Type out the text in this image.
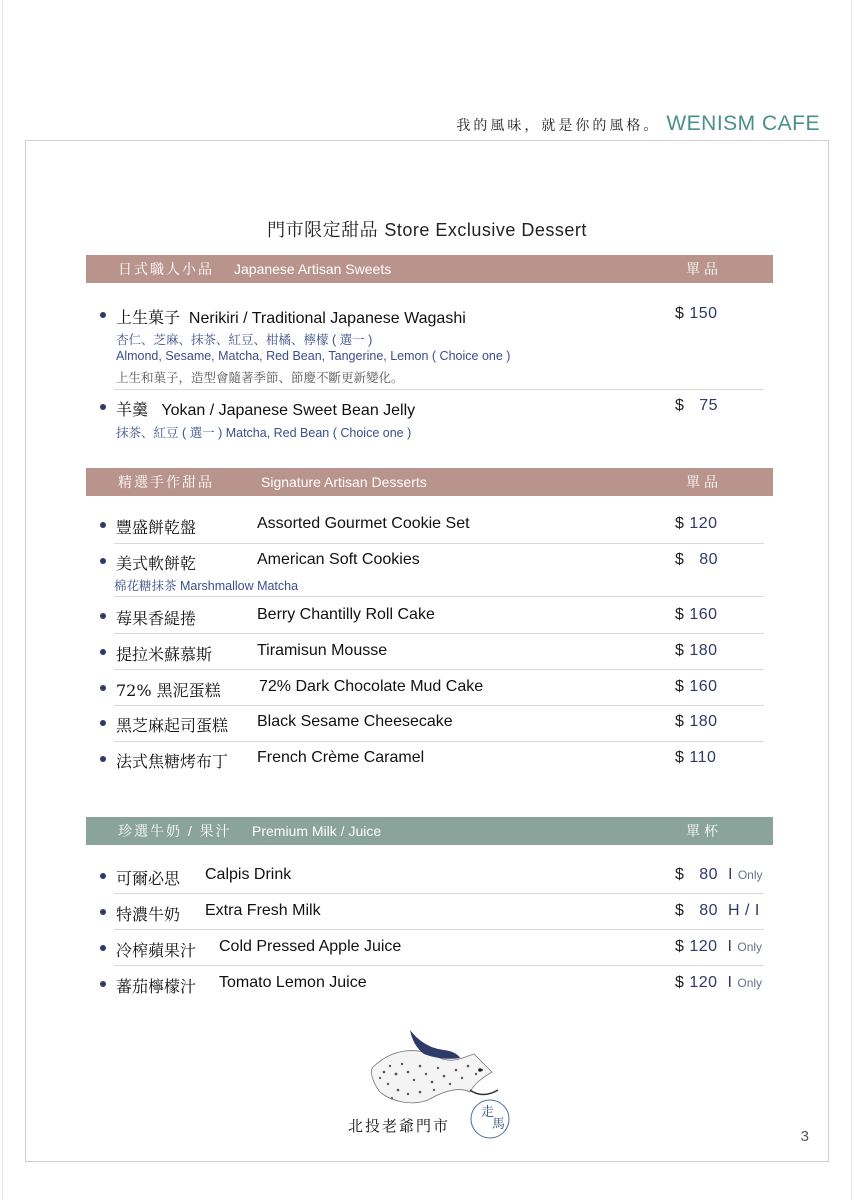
我的風味，就是你的風格。 WENISM CAFE
門市限定甜品 Store Exclusive Dessert
日式職人小品 Japanese Artisan Sweets	單品
上生菓子 Nerikiri / Traditional Japanese Wagashi	$ 150
杏仁、芝麻、抹茶、紅豆、柑橘、檸檬 ( 選一 )
Almond, Sesame, Matcha, Red Bean, Tangerine, Lemon ( Choice one )
上生和菓子，造型會隨著季節、節慶不斷更新變化。
羊羹 Yokan / Japanese Sweet Bean Jelly	$ 75
抹茶、紅豆 ( 選一 ) Matcha, Red Bean ( Choice one )
精選手作甜品	Signature Artisan Desserts	單品
豐盛餅乾盤	Assorted Gourmet Cookie Set	$ 120
美式軟餅乾	American Soft Cookies	$ 80
棉花糖抹茶 Marshmallow Matcha
莓果香緹捲	Berry Chantilly Roll Cake	$ 160
提拉米蘇慕斯	Tiramisun Mousse	$ 180
72% 黑泥蛋糕 72% Dark Chocolate Mud Cake	$ 160
黑芝麻起司蛋糕 Black Sesame Cheesecake	$ 180
法式焦糖烤布丁 French Crème Caramel	$ 110
珍選牛奶 / 果汁 Premium Milk / Juice	單杯
可爾必思 Calpis Drink	$ 80 I Only
特濃牛奶 Extra Fresh Milk	$ 80 H / I
冷榨蘋果汁 Cold Pressed Apple Juice	$ 120 I Only
蕃茄檸檬汁 Tomato Lemon Juice	$ 120 I Only
走
馬
北投老爺門市
3
